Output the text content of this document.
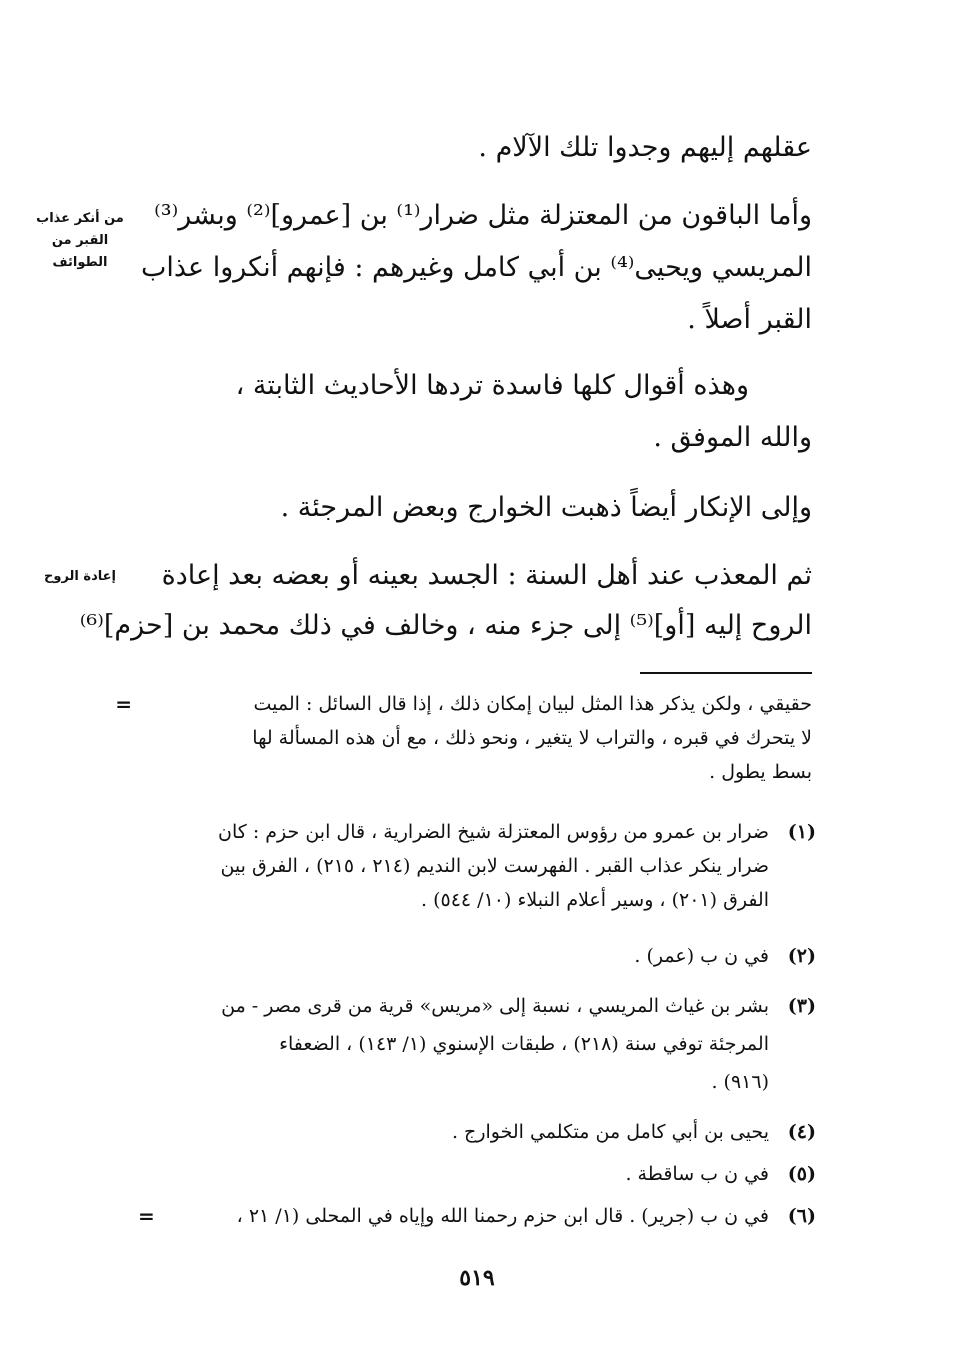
عقلهم إليهم وجدوا تلك الآلام .

وأما الباقون من المعتزلة مثل ضرار⁽¹⁾ بن [عمرو]⁽²⁾ وبشر⁽³⁾

المريسي ويحيى⁽⁴⁾ بن أبي كامل وغيرهم : فإنهم أنكروا عذاب

القبر أصلاً .

وهذه أقوال كلها فاسدة تردها الأحاديث الثابتة ،

والله الموفق .

وإلى الإنكار أيضاً ذهبت الخوارج وبعض المرجئة .

ثم المعذب عند أهل السنة : الجسد بعينه أو بعضه بعد إعادة

الروح إليه [أو]⁽⁵⁾ إلى جزء منه ، وخالف في ذلك محمد بن [حزم]⁽⁶⁾

من أنكر عذاب
القبر من
الطوائف
إعادة الروح
=	حقيقي ، ولكن يذكر هذا المثل لبيان إمكان ذلك ، إذا قال السائل : الميت

لا يتحرك في قبره ، والتراب لا يتغير ، ونحو ذلك ، مع أن هذه المسألة لها

بسط يطول .

(١)

ضرار بن عمرو من رؤوس المعتزلة شيخ الضرارية ، قال ابن حزم : كان

ضرار ينكر عذاب القبر . الفهرست لابن النديم (٢١٤ ، ٢١٥) ، الفرق بين

الفرق (٢٠١) ، وسير أعلام النبلاء (١٠/ ٥٤٤) .

(٢)

في ن ب (عمر) .

(٣)

بشر بن غياث المريسي ، نسبة إلى «مريس» قرية من قرى مصر - من

المرجئة توفي سنة (٢١٨) ، طبقات الإسنوي (١/ ١٤٣) ، الضعفاء

(٩١٦) .

(٤)

يحيى بن أبي كامل من متكلمي الخوارج .

(٥)

في ن ب ساقطة .

(٦)

في ن ب (جرير) . قال ابن حزم رحمنا الله وإياه في المحلى (١/ ٢١ ،

=
٥١٩
